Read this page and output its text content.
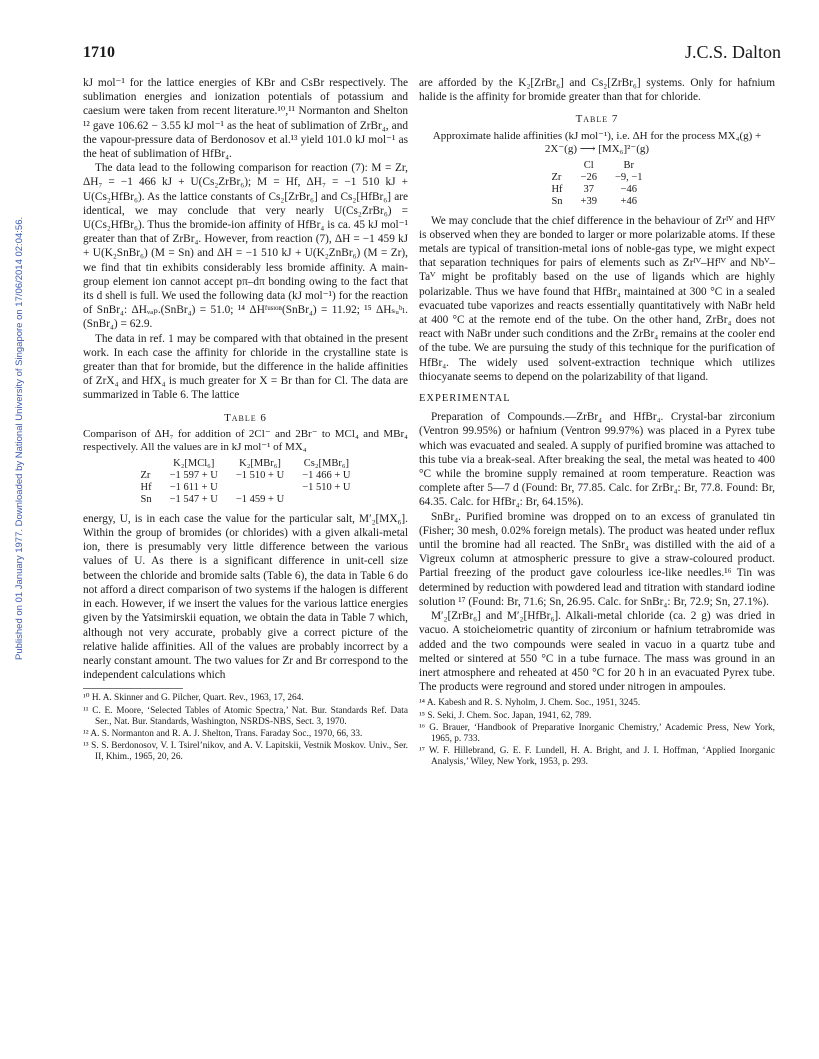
Published on 01 January 1977. Downloaded by National University of Singapore on 17/06/2014 02:04:56.
1710	J.C.S. Dalton

kJ mol⁻¹ for the lattice energies of KBr and CsBr respectively. The sublimation energies and ionization potentials of potassium and caesium were taken from recent literature.¹⁰,¹¹ Normanton and Shelton ¹² gave 106.62 − 3.55 kJ mol⁻¹ as the heat of sublimation of ZrBr₄, and the vapour-pressure data of Berdonosov et al.¹³ yield 101.0 kJ mol⁻¹ as the heat of sublimation of HfBr₄.

The data lead to the following comparison for reaction (7): M = Zr, ΔH₇ = −1 466 kJ + U(Cs₂ZrBr₆); M = Hf, ΔH₇ = −1 510 kJ + U(Cs₂HfBr₆). As the lattice constants of Cs₂[ZrBr₆] and Cs₂[HfBr₆] are identical, we may conclude that very nearly U(Cs₂ZrBr₆) = U(Cs₂HfBr₆). Thus the bromide-ion affinity of HfBr₄ is ca. 45 kJ mol⁻¹ greater than that of ZrBr₄. However, from reaction (7), ΔH = −1 459 kJ + U(K₂SnBr₆) (M = Sn) and ΔH = −1 510 kJ + U(K₂ZnBr₆) (M = Zr), we find that tin exhibits considerably less bromide affinity. A main-group element ion cannot accept pπ–dπ bonding owing to the fact that its d shell is full. We used the following data (kJ mol⁻¹) for the reaction of SnBr₄: ΔHᵥₐₚ.(SnBr₄) = 51.0; ¹⁴ ΔHᶠᵘˢᶦᵒⁿ(SnBr₄) = 11.92; ¹⁵ ΔHₛᵤᵇₗ.(SnBr₄) = 62.9.

The data in ref. 1 may be compared with that obtained in the present work. In each case the affinity for chloride in the crystalline state is greater than that for bromide, but the difference in the halide affinities of ZrX₄ and HfX₄ is much greater for X = Br than for Cl. The data are summarized in Table 6. The lattice

Table 6
Comparison of ΔH₇ for addition of 2Cl⁻ and 2Br⁻ to MCl₄ and MBr₄ respectively. All the values are in kJ mol⁻¹ of MX₄
	K₂[MCl₆]	K₂[MBr₆]	Cs₂[MBr₆]
Zr	−1 597 + U	−1 510 + U	−1 466 + U
Hf	−1 611 + U		−1 510 + U
Sn	−1 547 + U	−1 459 + U	

energy, U, is in each case the value for the particular salt, M′₂[MX₆]. Within the group of bromides (or chlorides) with a given alkali-metal ion, there is presumably very little difference between the various values of U. As there is a significant difference in unit-cell size between the chloride and bromide salts (Table 6), the data in Table 6 do not afford a direct comparison of two systems if the halogen is different in each. However, if we insert the values for the various lattice energies given by the Yatsimirskii equation, we obtain the data in Table 7 which, although not very accurate, probably give a correct picture of the relative halide affinities. All of the values are probably incorrect by a nearly constant amount. The two values for Zr and Br correspond to the independent calculations which

¹⁰ H. A. Skinner and G. Pilcher, Quart. Rev., 1963, 17, 264.
¹¹ C. E. Moore, ‘Selected Tables of Atomic Spectra,’ Nat. Bur. Standards Ref. Data Ser., Nat. Bur. Standards, Washington, NSRDS-NBS, Sect. 3, 1970.
¹² A. S. Normanton and R. A. J. Shelton, Trans. Faraday Soc., 1970, 66, 33.
¹³ S. S. Berdonosov, V. I. Tsirel’nikov, and A. V. Lapitskii, Vestnik Moskov. Univ., Ser. II, Khim., 1965, 20, 26.

are afforded by the K₂[ZrBr₆] and Cs₂[ZrBr₆] systems. Only for hafnium halide is the affinity for bromide greater than that for chloride.

Table 7
Approximate halide affinities (kJ mol⁻¹), i.e. ΔH for the process MX₄(g) + 2X⁻(g) ⟶ [MX₆]²⁻(g)
	Cl	Br
Zr	−26	−9, −1
Hf	37	−46
Sn	+39	+46

We may conclude that the chief difference in the behaviour of Zrᴵⱽ and Hfᴵⱽ is observed when they are bonded to larger or more polarizable atoms. If these metals are typical of transition-metal ions of noble-gas type, we might expect that separation techniques for pairs of elements such as Zrᴵⱽ–Hfᴵⱽ and Nbⱽ–Taⱽ might be profitably based on the use of ligands which are highly polarizable. Thus we have found that HfBr₄ maintained at 300 °C in a sealed evacuated tube vaporizes and reacts essentially quantitatively with NaBr held at 400 °C at the remote end of the tube. On the other hand, ZrBr₄ does not react with NaBr under such conditions and the ZrBr₄ remains at the cooler end of the tube. We are pursuing the study of this technique for the purification of HfBr₄. The widely used solvent-extraction technique which utilizes thiocyanate seems to depend on the polarizability of that ligand.

EXPERIMENTAL

Preparation of Compounds.—ZrBr₄ and HfBr₄. Crystal-bar zirconium (Ventron 99.95%) or hafnium (Ventron 99.97%) was placed in a Pyrex tube which was evacuated and sealed. A supply of purified bromine was attached to this tube via a break-seal. After breaking the seal, the metal was heated to 400 °C while the bromine supply remained at room temperature. Reaction was complete after 5—7 d (Found: Br, 77.85. Calc. for ZrBr₄: Br, 77.8. Found: Br, 64.35. Calc. for HfBr₄: Br, 64.15%).

SnBr₄. Purified bromine was dropped on to an excess of granulated tin (Fisher; 30 mesh, 0.02% foreign metals). The product was heated under reflux until the bromine had all reacted. The SnBr₄ was distilled with the aid of a Vigreux column at atmospheric pressure to give a straw-coloured product. Partial freezing of the product gave colourless ice-like needles.¹⁶ Tin was determined by reduction with powdered lead and titration with standard iodine solution ¹⁷ (Found: Br, 71.6; Sn, 26.95. Calc. for SnBr₄: Br, 72.9; Sn, 27.1%).

M′₂[ZrBr₆] and M′₂[HfBr₆]. Alkali-metal chloride (ca. 2 g) was dried in vacuo. A stoicheiometric quantity of zirconium or hafnium tetrabromide was added and the two compounds were sealed in vacuo in a quartz tube and melted or sintered at 550 °C in a tube furnace. The mass was ground in an inert atmosphere and reheated at 450 °C for 20 h in an evacuated Pyrex tube. The products were reground and stored under nitrogen in ampoules.

¹⁴ A. Kabesh and R. S. Nyholm, J. Chem. Soc., 1951, 3245.
¹⁵ S. Seki, J. Chem. Soc. Japan, 1941, 62, 789.
¹⁶ G. Brauer, ‘Handbook of Preparative Inorganic Chemistry,’ Academic Press, New York, 1965, p. 733.
¹⁷ W. F. Hillebrand, G. E. F. Lundell, H. A. Bright, and J. I. Hoffman, ‘Applied Inorganic Analysis,’ Wiley, New York, 1953, p. 293.
